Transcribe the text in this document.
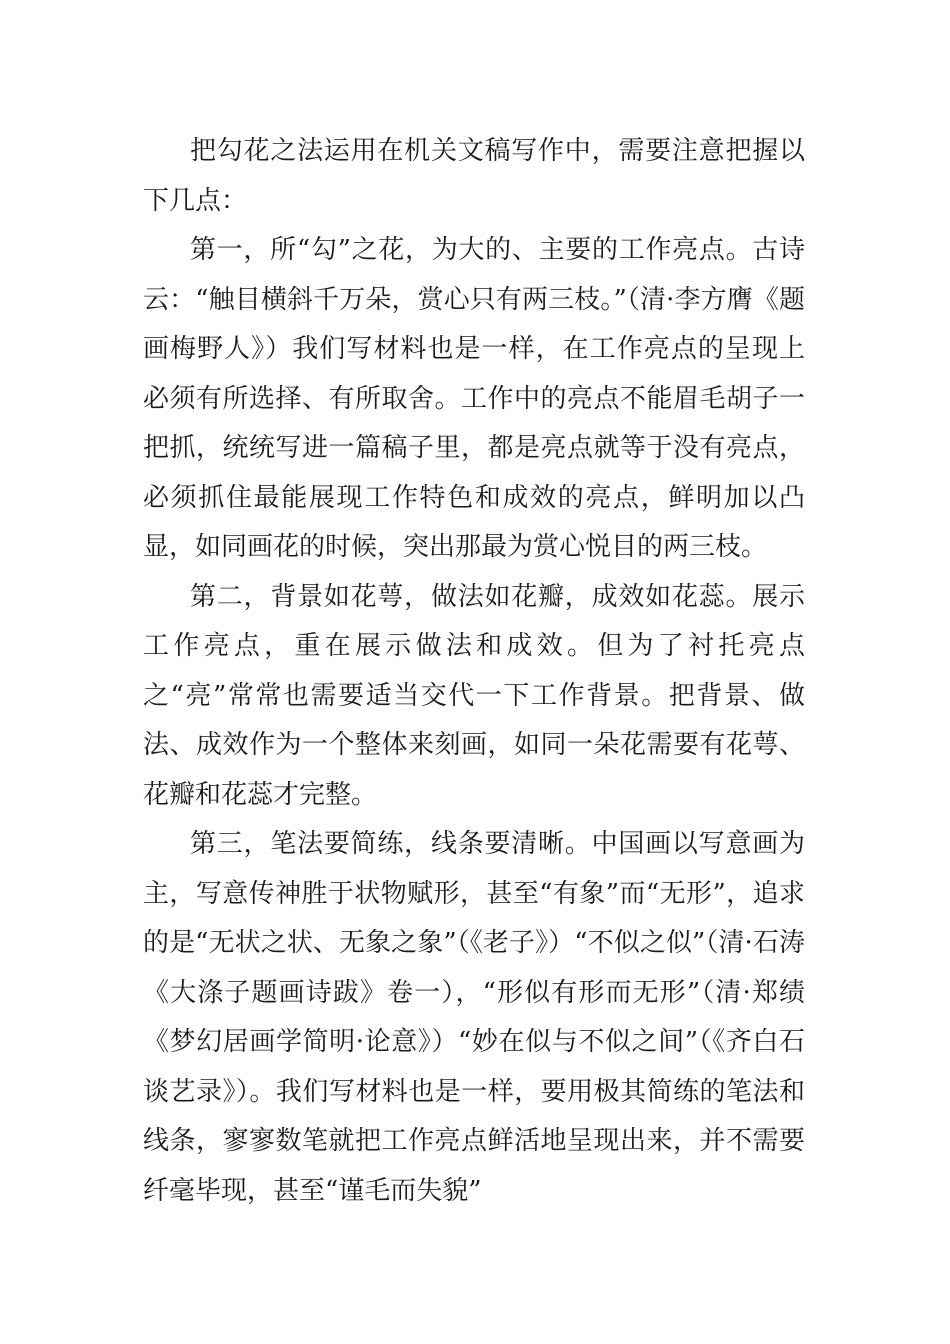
把勾花之法运用在机关文稿写作中，需要注意把握以下几点：

第一，所“勾”之花，为大的、主要的工作亮点。古诗云：“触目横斜千万朵，赏心只有两三枝。”（清·李方膺《题画梅野人》）我们写材料也是一样，在工作亮点的呈现上必须有所选择、有所取舍。工作中的亮点不能眉毛胡子一把抓，统统写进一篇稿子里，都是亮点就等于没有亮点，必须抓住最能展现工作特色和成效的亮点，鲜明加以凸显，如同画花的时候，突出那最为赏心悦目的两三枝。

第二，背景如花萼，做法如花瓣，成效如花蕊。展示工作亮点，重在展示做法和成效。但为了衬托亮点之“亮”常常也需要适当交代一下工作背景。把背景、做法、成效作为一个整体来刻画，如同一朵花需要有花萼、花瓣和花蕊才完整。

第三，笔法要简练，线条要清晰。中国画以写意画为主，写意传神胜于状物赋形，甚至“有象”而“无形”，追求的是“无状之状、无象之象”（《老子》）“不似之似”（清·石涛《大涤子题画诗跋》卷一），“形似有形而无形”（清·郑绩《梦幻居画学简明·论意》）“妙在似与不似之间”（《齐白石谈艺录》）。我们写材料也是一样，要用极其简练的笔法和线条，寥寥数笔就把工作亮点鲜活地呈现出来，并不需要纤毫毕现，甚至“谨毛而失貌”
